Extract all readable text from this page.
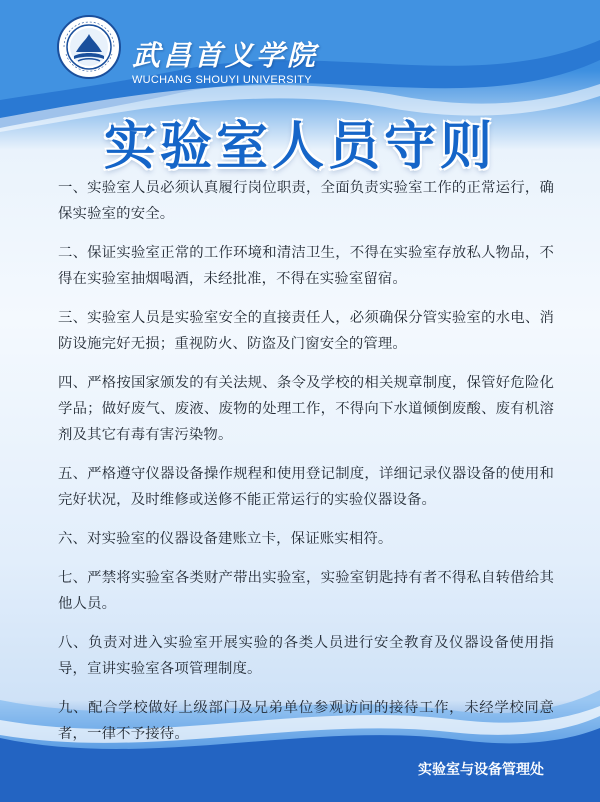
武昌首义学院
WUCHANG SHOUYI UNIVERSITY
实验室人员守则

一、实验室人员必须认真履行岗位职责，全面负责实验室工作的正常运行，确保实验室的安全。

二、保证实验室正常的工作环境和清洁卫生，不得在实验室存放私人物品，不得在实验室抽烟喝酒，未经批准，不得在实验室留宿。

三、实验室人员是实验室安全的直接责任人，必须确保分管实验室的水电、消防设施完好无损；重视防火、防盗及门窗安全的管理。

四、严格按国家颁发的有关法规、条令及学校的相关规章制度，保管好危险化学品；做好废气、废液、废物的处理工作，不得向下水道倾倒废酸、废有机溶剂及其它有毒有害污染物。

五、严格遵守仪器设备操作规程和使用登记制度，详细记录仪器设备的使用和完好状况，及时维修或送修不能正常运行的实验仪器设备。

六、对实验室的仪器设备建账立卡，保证账实相符。

七、严禁将实验室各类财产带出实验室，实验室钥匙持有者不得私自转借给其他人员。

八、负责对进入实验室开展实验的各类人员进行安全教育及仪器设备使用指导，宣讲实验室各项管理制度。

九、配合学校做好上级部门及兄弟单位参观访问的接待工作，未经学校同意者，一律不予接待。

实验室与设备管理处
